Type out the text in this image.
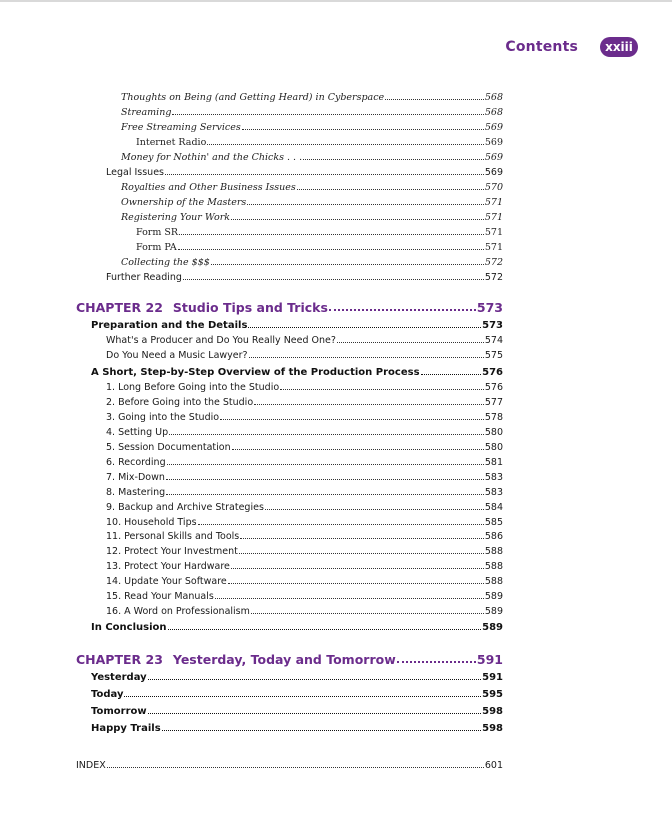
Contents	xxiii
Thoughts on Being (and Getting Heard) in Cyberspace	568
Streaming	568
Free Streaming Services	569
Internet Radio	569
Money for Nothin' and the Chicks . . .	569
Legal Issues	569
Royalties and Other Business Issues	570
Ownership of the Masters	571
Registering Your Work	571
Form SR	571
Form PA	571
Collecting the $$$	572
Further Reading	572
CHAPTER 22 Studio Tips and Tricks	573
Preparation and the Details	573
What's a Producer and Do You Really Need One?	574
Do You Need a Music Lawyer?	575
A Short, Step-by-Step Overview of the Production Process	576
1. Long Before Going into the Studio	576
2. Before Going into the Studio	577
3. Going into the Studio	578
4. Setting Up	580
5. Session Documentation	580
6. Recording	581
7. Mix-Down	583
8. Mastering	583
9. Backup and Archive Strategies	584
10. Household Tips	585
11. Personal Skills and Tools	586
12. Protect Your Investment	588
13. Protect Your Hardware	588
14. Update Your Software	588
15. Read Your Manuals	589
16. A Word on Professionalism	589
In Conclusion	589
CHAPTER 23 Yesterday, Today and Tomorrow	591
Yesterday	591
Today	595
Tomorrow	598
Happy Trails	598
INDEX	601
